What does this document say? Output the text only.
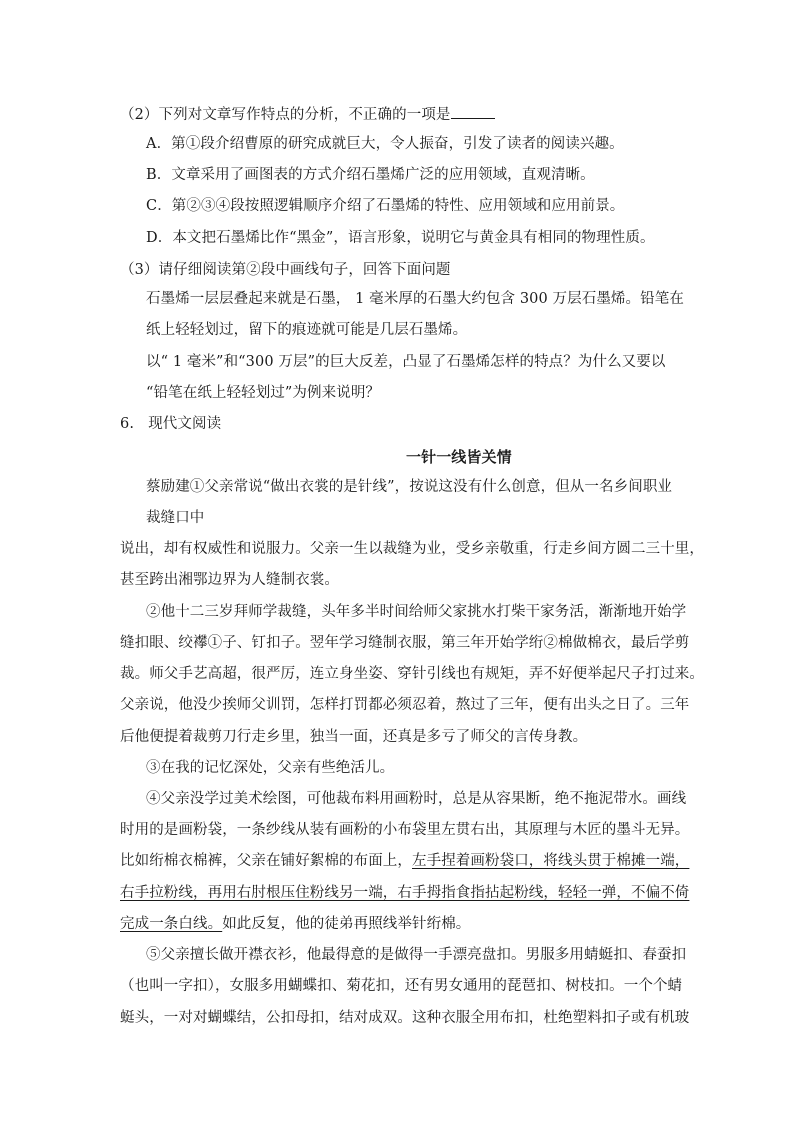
（2）下列对文章写作特点的分析，不正确的一项是
A．第①段介绍曹原的研究成就巨大，令人振奋，引发了读者的阅读兴趣。
B．文章采用了画图表的方式介绍石墨烯广泛的应用领域，直观清晰。
C．第②③④段按照逻辑顺序介绍了石墨烯的特性、应用领域和应用前景。
D．本文把石墨烯比作“黑金”，语言形象，说明它与黄金具有相同的物理性质。
（3）请仔细阅读第②段中画线句子，回答下面问题
石墨烯一层层叠起来就是石墨， 1 毫米厚的石墨大约包含 300 万层石墨烯。铅笔在
纸上轻轻划过，留下的痕迹就可能是几层石墨烯。
以“ 1 毫米”和“300 万层”的巨大反差，凸显了石墨烯怎样的特点？为什么又要以
“铅笔在纸上轻轻划过”为例来说明？
6. 现代文阅读
一针一线皆关情
蔡励建①父亲常说“做出衣裳的是针线”，按说这没有什么创意，但从一名乡间职业
裁缝口中
说出，却有权威性和说服力。父亲一生以裁缝为业，受乡亲敬重，行走乡间方圆二三十里，
甚至跨出湘鄂边界为人缝制衣裳。
②他十二三岁拜师学裁缝，头年多半时间给师父家挑水打柴干家务活，渐渐地开始学
缝扣眼、绞襻①子、钉扣子。翌年学习缝制衣服，第三年开始学绗②棉做棉衣，最后学剪
裁。师父手艺高超，很严厉，连立身坐姿、穿针引线也有规矩，弄不好便举起尺子打过来。
父亲说，他没少挨师父训罚，怎样打罚都必须忍着，熬过了三年，便有出头之日了。三年
后他便提着裁剪刀行走乡里，独当一面，还真是多亏了师父的言传身教。
③在我的记忆深处，父亲有些绝活儿。
④父亲没学过美术绘图，可他裁布料用画粉时，总是从容果断，绝不拖泥带水。画线
时用的是画粉袋，一条纱线从装有画粉的小布袋里左贯右出，其原理与木匠的墨斗无异。
比如绗棉衣棉裤，父亲在铺好絮棉的布面上，左手捏着画粉袋口，将线头贯于棉摊一端，
右手拉粉线，再用右肘根压住粉线另一端，右手拇指食指拈起粉线，轻轻一弹，不偏不倚
完成一条白线。如此反复，他的徒弟再照线举针绗棉。
⑤父亲擅长做开襟衣衫，他最得意的是做得一手漂亮盘扣。男服多用蜻蜓扣、春蚕扣
（也叫一字扣），女服多用蝴蝶扣、菊花扣，还有男女通用的琵琶扣、树枝扣。一个个蜻
蜓头，一对对蝴蝶结，公扣母扣，结对成双。这种衣服全用布扣，杜绝塑料扣子或有机玻
